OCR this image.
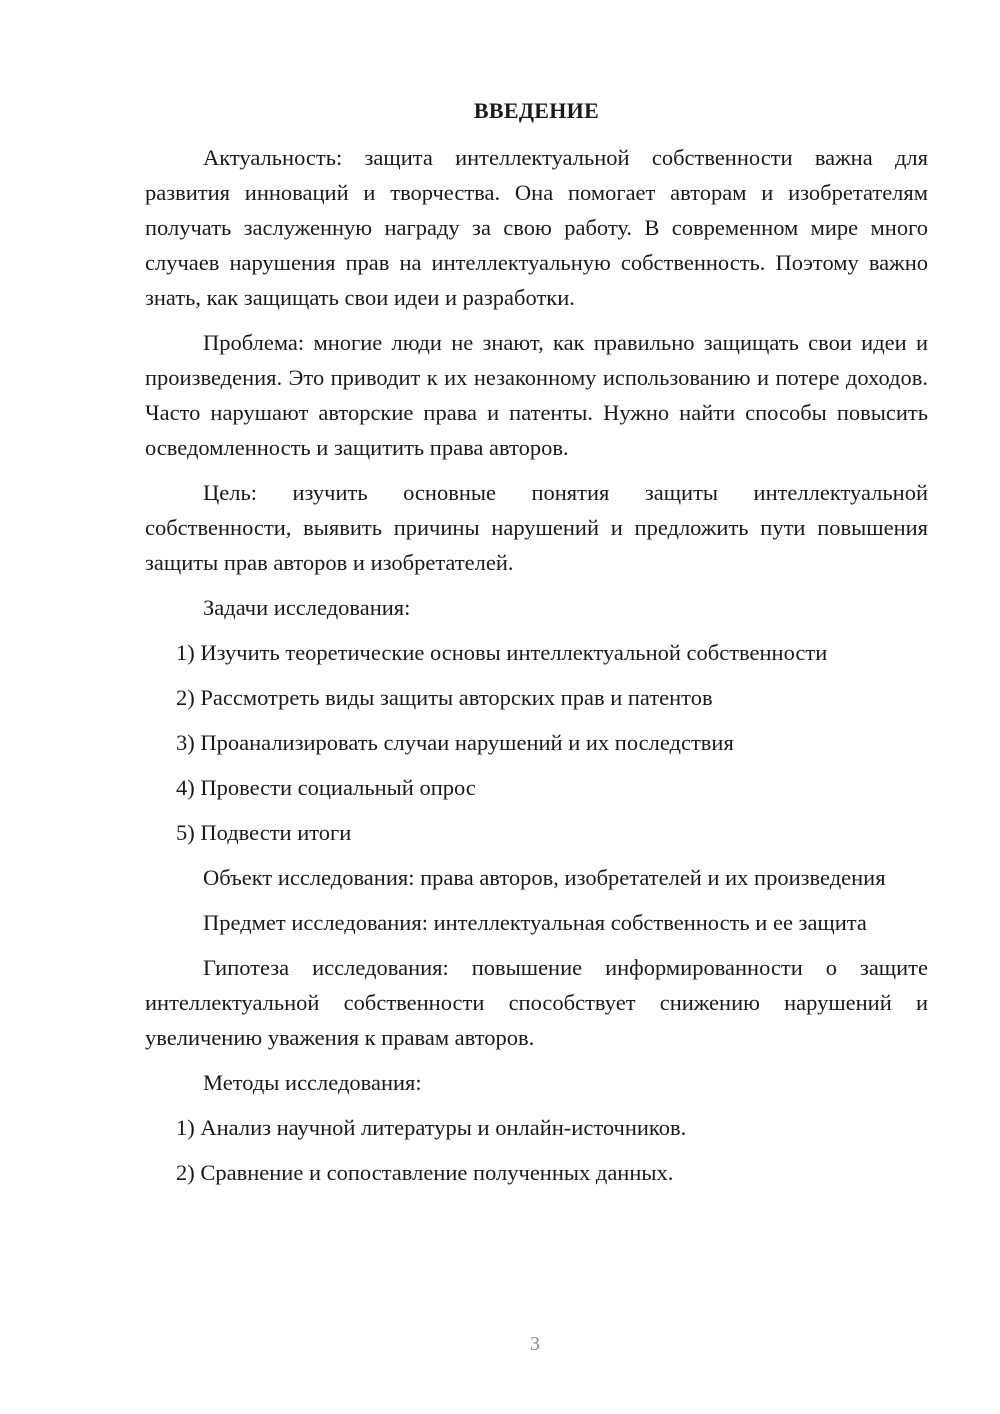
ВВЕДЕНИЕ

Актуальность: защита интеллектуальной собственности важна для развития инноваций и творчества. Она помогает авторам и изобретателям получать заслуженную награду за свою работу. В современном мире много случаев нарушения прав на интеллектуальную собственность. Поэтому важно знать, как защищать свои идеи и разработки.

Проблема: многие люди не знают, как правильно защищать свои идеи и произведения. Это приводит к их незаконному использованию и потере доходов. Часто нарушают авторские права и патенты. Нужно найти способы повысить осведомленность и защитить права авторов.

Цель: изучить основные понятия защиты интеллектуальной собственности, выявить причины нарушений и предложить пути повышения защиты прав авторов и изобретателей.

Задачи исследования:

1) Изучить теоретические основы интеллектуальной собственности
2) Рассмотреть виды защиты авторских прав и патентов
3) Проанализировать случаи нарушений и их последствия
4) Провести социальный опрос
5) Подвести итоги

Объект исследования: права авторов, изобретателей и их произведения

Предмет исследования: интеллектуальная собственность и ее защита

Гипотеза исследования: повышение информированности о защите интеллектуальной собственности способствует снижению нарушений и увеличению уважения к правам авторов.

Методы исследования:

1) Анализ научной литературы и онлайн-источников.
2) Сравнение и сопоставление полученных данных.
3
